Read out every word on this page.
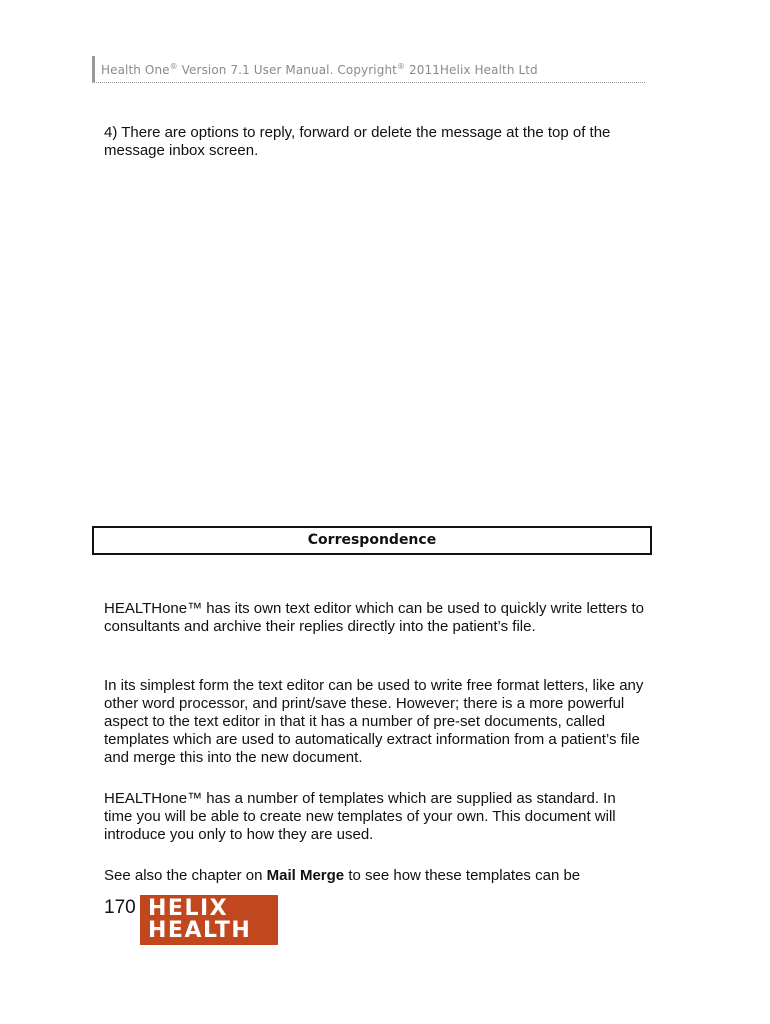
Health One® Version 7.1 User Manual. Copyright® 2011Helix Health Ltd

4) There are options to reply, forward or delete the message at the top of the message inbox screen.

Correspondence

HEALTHone™ has its own text editor which can be used to quickly write letters to consultants and archive their replies directly into the patient’s file.

In its simplest form the text editor can be used to write free format letters, like any other word processor, and print/save these. However; there is a more powerful aspect to the text editor in that it has a number of pre-set documents, called templates which are used to automatically extract information from a patient’s file and merge this into the new document.

HEALTHone™ has a number of templates which are supplied as standard. In time you will be able to create new templates of your own. This document will introduce you only to how they are used.

See also the chapter on Mail Merge to see how these templates can be

170 HELIX
HEALTH
